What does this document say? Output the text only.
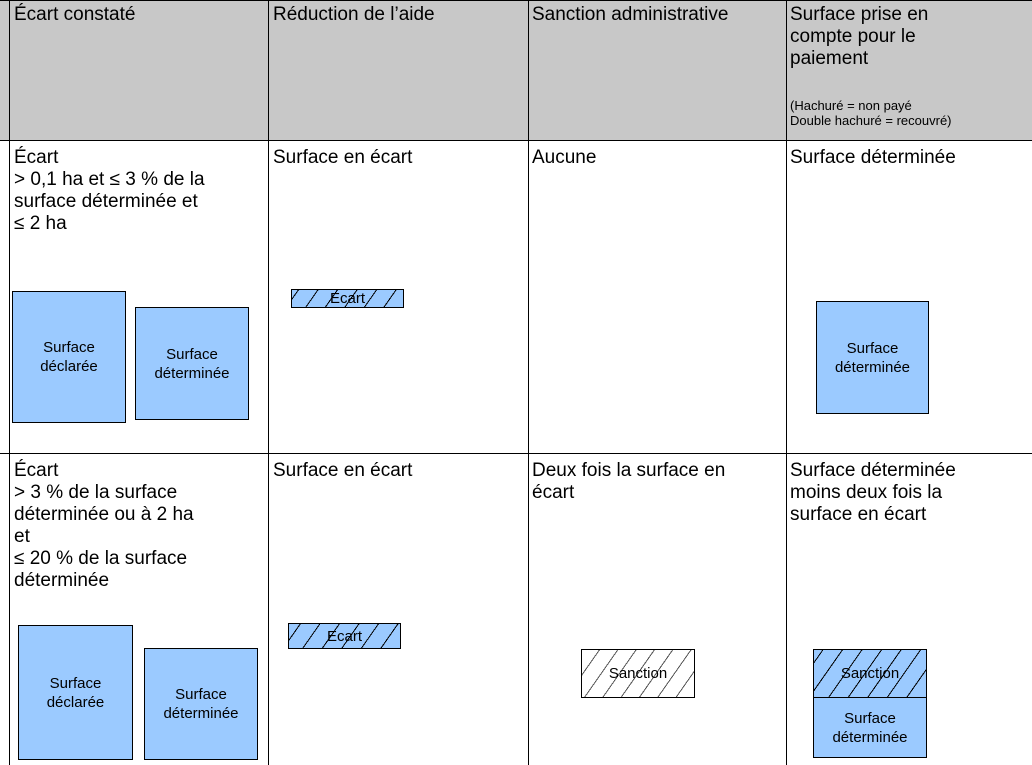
Écart constaté	Réduction de l’aide	Sanction administrative	Surface prise en
compte pour le
paiement
(Hachuré = non payé
Double hachuré = recouvré)
Écart
> 0,1 ha et ≤ 3 % de la
surface déterminée et
≤ 2 ha
Surface en écart	Aucune	Surface déterminée
Surface
déclarée
Surface
déterminée
Ecart
Surface
déterminée
Écart
> 3 % de la surface
déterminée ou à 2 ha
et
≤ 20 % de la surface
déterminée
Surface en écart	Deux fois la surface en
écart
Surface déterminée
moins deux fois la
surface en écart
Surface
déclarée	Surface
déterminée
Ecart
Sanction	Sanction
Surface
déterminée
